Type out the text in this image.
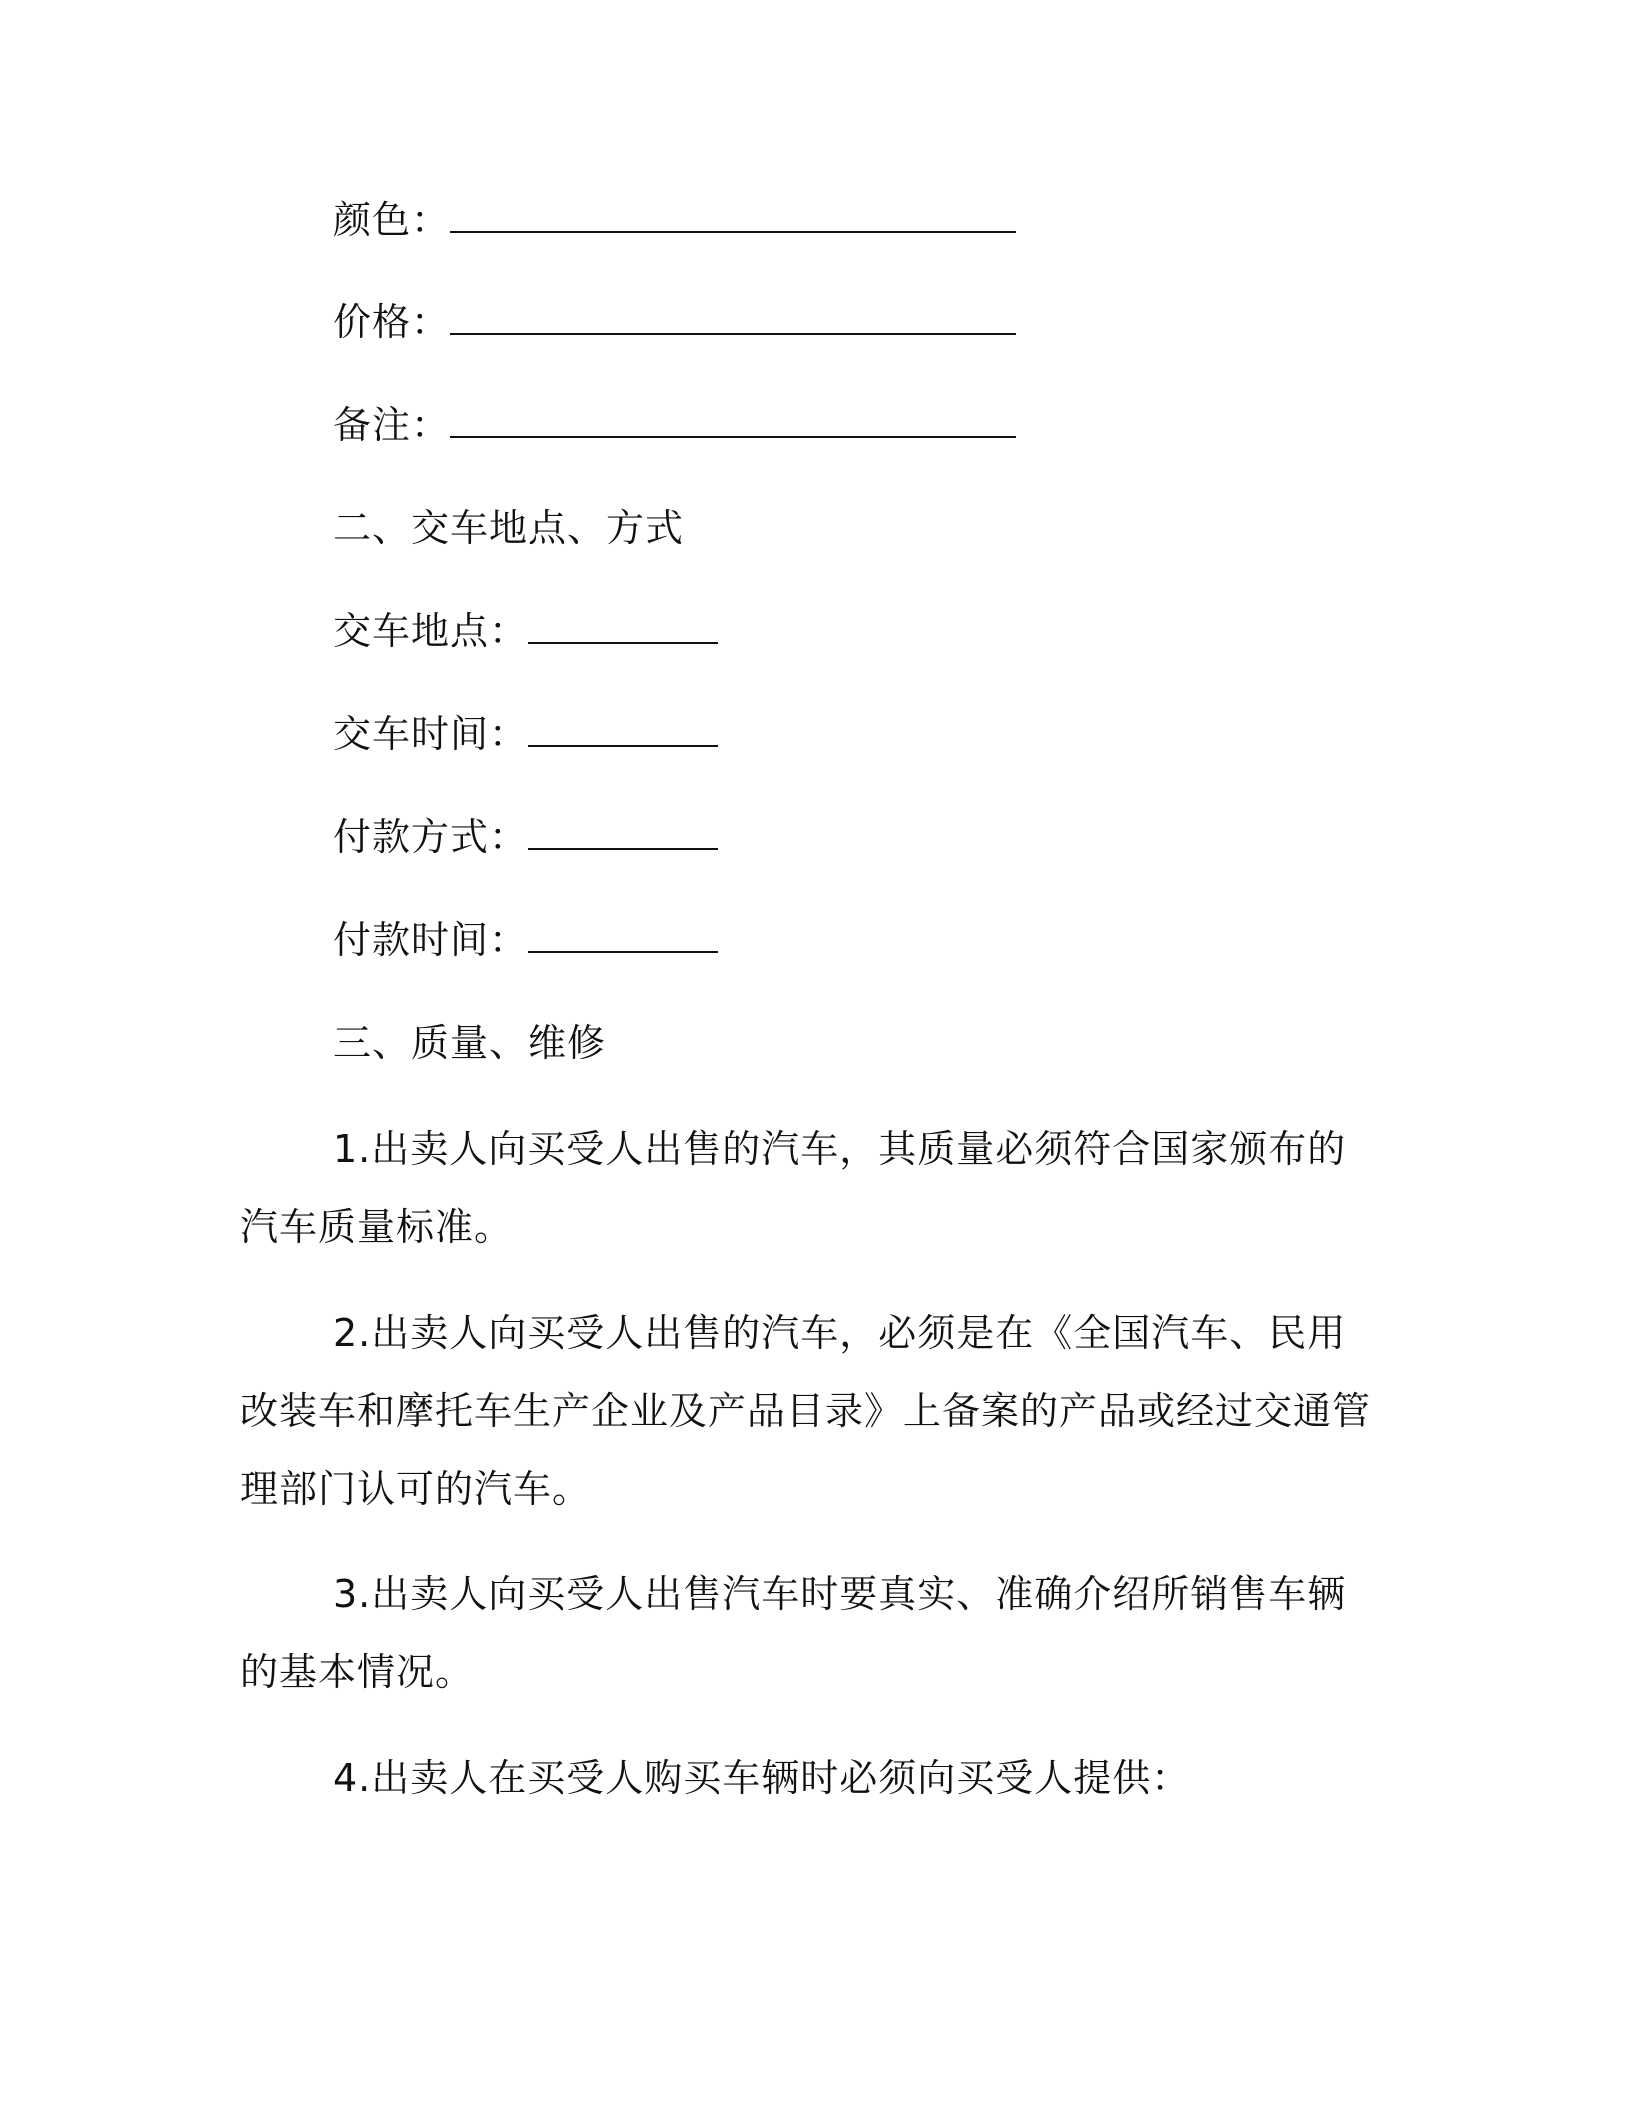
颜色：
价格：
备注：
二、交车地点、方式
交车地点：
交车时间：
付款方式：
付款时间：
三、质量、维修

1.出卖人向买受人出售的汽车，其质量必须符合国家颁布的汽车质量标准。

2.出卖人向买受人出售的汽车，必须是在《全国汽车、民用改装车和摩托车生产企业及产品目录》上备案的产品或经过交通管理部门认可的汽车。

3.出卖人向买受人出售汽车时要真实、准确介绍所销售车辆的基本情况。

4.出卖人在买受人购买车辆时必须向买受人提供：
